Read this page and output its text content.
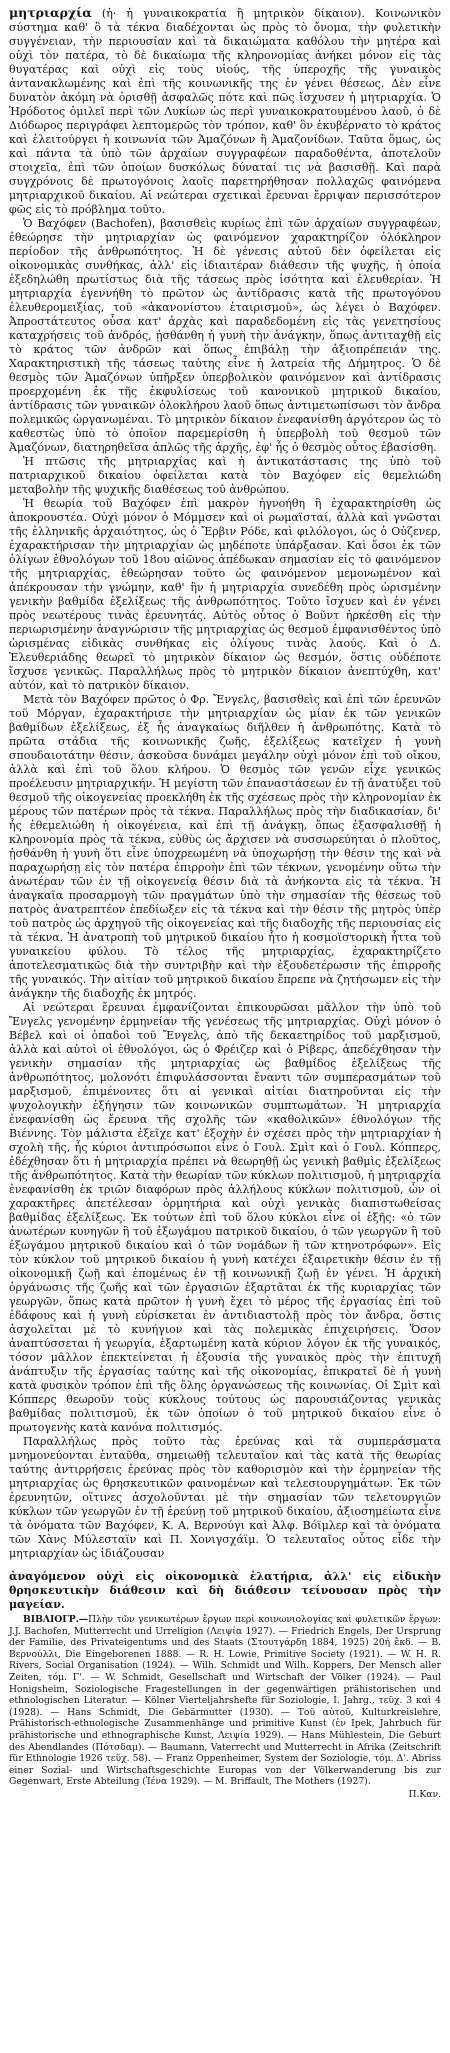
μητριαρχία (ἡ· ἡ γυναικοκρατία ἢ μητρικὸν δίκαιον). Κοινωνικὸν σύστημα καθ' ὃ τὰ τέκνα διαδέχονται ὡς πρὸς τὸ ὄνομα, τὴν φυλετικὴν συγγένειαν, τὴν περιουσίαν καὶ τὰ δικαιώματα καθόλου τὴν μητέρα καὶ οὐχὶ τὸν πατέρα, τὸ δὲ δικαίωμα τῆς κληρονομίας ἀνήκει μόνον εἰς τὰς θυγατέρας καὶ οὐχὶ εἰς τοὺς υἱούς, τῆς ὑπεροχῆς τῆς γυναικὸς ἀντανακλωμένης καὶ ἐπὶ τῆς κοινωνικῆς της ἐν γένει θέσεως. Δὲν εἶνε δυνατὸν ἀκόμη νὰ ὁρισθῇ ἀσφαλῶς πότε καὶ πῶς ἴσχυσεν ἡ μητριαρχία. Ὁ Ἡρόδοτος ὁμιλεῖ περὶ τῶν Λυκίων ὡς περὶ γυναικοκρατουμένου λαοῦ, ὁ δὲ Διόδωρος περιγράφει λεπτομερῶς τὸν τρόπον, καθ' ὃν ἐκυβέρνατο τὸ κράτος καὶ ἐλειτούργει ἡ κοινωνία τῶν Ἀμαζόνων ἢ Ἀμαζονίδων. Ταῦτα ὅμως, ὡς καὶ πάντα τὰ ὑπὸ τῶν ἀρχαίων συγγραφέων παραδοθέντα, ἀποτελοῦν στοιχεῖα, ἐπὶ τῶν ὁποίων δυσκόλως δύναταί τις νὰ βασισθῇ. Καὶ παρὰ συγχρόνοις δὲ πρωτογόνοις λαοῖς παρετηρήθησαν πολλαχῶς φαινόμενα μητριαρχικοῦ δικαίου. Αἱ νεώτεραι σχετικαὶ ἔρευναι ἔρριψαν περισσότερον φῶς εἰς τὸ πρόβλημα τοῦτο.

Ὁ Βαχόφεν (Bachofen), βασισθεὶς κυρίως ἐπὶ τῶν ἀρχαίων συγγραφέων, ἐθεώρησε τὴν μητριαρχίαν ὡς φαινόμενον χαρακτηρίζον ὁλόκληρον περίοδον τῆς ἀνθρωπότητος. Ἡ δὲ γένεσις αὐτοῦ δὲν ὀφείλεται εἰς οἰκονομικὰς συνθήκας, ἀλλ' εἰς ἰδιαιτέραν διάθεσιν τῆς ψυχῆς, ἡ ὁποία ἐξεδηλώθη πρωτίστως διὰ τῆς τάσεως πρὸς ἰσότητα καὶ ἐλευθερίαν. Ἡ μητριαρχία ἐγεννήθη τὸ πρῶτον ὡς ἀντίδρασις κατὰ τῆς πρωτογόνου ἐλευθερομειξίας, τοῦ «ἀκανονίστου ἑταιρισμοῦ», ὡς λέγει ὁ Βαχόφεν. Ἀπροστάτευτος οὖσα κατ' ἀρχὰς καὶ παραδεδομένη εἰς τὰς γενετησίους καταχρήσεις τοῦ ἀνδρός, ᾐσθάνθη ἡ γυνὴ τὴν ἀνάγκην, ὅπως ἀντιταχθῇ εἰς τὸ κράτος τῶν ἀνδρῶν καὶ ὅπως ἐπιβάλῃ τὴν ἀξιοπρέπειάν της. Χαρακτηριστικὴ τῆς τάσεως ταύτης εἶνε ἡ λατρεία τῆς Δήμητρος. Ὁ δὲ θεσμὸς τῶν Ἀμαζόνων ὑπῆρξεν ὑπερβολικὸν φαινόμενον καὶ ἀντίδρασις προερχομένη ἐκ τῆς ἐκφυλίσεως τοῦ κανονικοῦ μητρικοῦ δικαίου, ἀντίδρασις τῶν γυναικῶν ὁλοκλήρου λαοῦ ὅπως ἀντιμετωπίσωσι τὸν ἄνδρα πολεμικῶς ὡργανωμέναι. Τὸ μητρικὸν δίκαιον ἐνεφανίσθη ἀργότερον ὡς τὸ καθεστὼς ὑπὸ τὸ ὁποῖον παρεμερίσθη ἡ ὑπερβολὴ τοῦ θεσμοῦ τῶν Ἀμαζόνων, διατηρηθεῖσα ἁπλῶς τῆς ἀρχῆς, ἐφ' ἧς ὁ θεσμὸς οὗτος ἐβασίσθη.

Ἡ πτῶσις τῆς μητριαρχίας καὶ ἡ ἀντικατάστασις της ὑπὸ τοῦ πατριαρχικοῦ δικαίου ὀφείλεται κατὰ τὸν Βαχόφεν εἰς θεμελιώδη μεταβολὴν τῆς ψυχικῆς διαθέσεως τοῦ ἀνθρώπου.

Ἡ θεωρία τοῦ Βαχόφεν ἐπὶ μακρὸν ἠγνοήθη ἢ ἐχαρακτηρίσθη ὡς ἀποκρουστέα. Οὐχὶ μόνον ὁ Μόμμσεν καὶ οἱ ρωμαϊσταί, ἀλλὰ καὶ γνῶσται τῆς ἑλληνικῆς ἀρχαιότητος, ὡς ὁ Ἔρβιν Ρόδε, καὶ φιλόλογοι, ὡς ὁ Οὐζενερ, ἐχαρακτήρισαν τὴν μητριαρχίαν ὡς μηδέποτε ὑπάρξασαν. Καὶ ὅσοι ἐκ τῶν ὀλίγων ἐθνολόγων τοῦ 18ου αἰῶνος ἀπέδωκαν σημασίαν εἰς τὸ φαινόμενον τῆς μητριαρχίας, ἐθεώρησαν τοῦτο ὡς φαινόμενον μεμονωμένον καὶ ἀπέκρουσαν τὴν γνώμην, καθ' ἣν ἡ μητριαρχία συνεδέθη πρὸς ὡρισμένην γενικὴν βαθμίδα ἐξελίξεως τῆς ἀνθρωπότητος. Τοῦτο ἴσχυεν καὶ ἐν γένει πρὸς νεωτέρους τινὰς ἐρευνητάς. Αὐτὸς οὗτος ὁ Βοῦντ ἠρκέσθη εἰς τὴν περιωρισμένην ἀναγνώρισιν τῆς μητριαρχίας ὡς θεσμοῦ ἐμφανισθέντος ὑπὸ ὡρισμένας εἰδικὰς συνθήκας εἰς ὀλίγους τινὰς λαούς. Καὶ ὁ Δ. Ἐλευθεριάδης θεωρεῖ τὸ μητρικὸν δίκαιον ὡς θεσμόν, ὅστις οὐδέποτε ἴσχυσε γενικῶς. Παραλλήλως πρὸς τὸ μητρικὸν δίκαιον ἀνεπτύχθη, κατ' αὐτόν, καὶ τὸ πατρικὸν δίκαιον.

Μετὰ τὸν Βαχόφεν πρῶτος ὁ Φρ. Ἔνγελς, βασισθεὶς καὶ ἐπὶ τῶν ἐρευνῶν τοῦ Μόργαν, ἐχαρακτήρισε τὴν μητριαρχίαν ὡς μίαν ἐκ τῶν γενικῶν βαθμίδων ἐξελίξεως, ἐξ ἧς ἀναγκαίως διῆλθεν ἡ ἀνθρωπότης. Κατὰ τὸ πρῶτα στάδια τῆς κοινωνικῆς ζωῆς, ἐξελίξεως κατεῖχεν ἡ γυνὴ σπουδαιοτάτην θέσιν, ἀσκοῦσα δυνάμει μεγάλην οὐχὶ μόνον ἐπὶ τοῦ οἴκου, ἀλλὰ καὶ ἐπὶ τοῦ ὅλου κλήρου. Ὁ θεσμὸς τῶν γενῶν εἶχε γενικῶς προέλευσιν μητριαρχικήν. Ἡ μεγίστη τῶν ἐπαναστάσεων ἐν τῇ ἀνατύξει τοῦ θεσμοῦ τῆς οἰκογενείας προεκλήθη ἐκ τῆς σχέσεως πρὸς τὴν κληρονομίαν ἐκ μέρους τῶν πατέρων πρὸς τὰ τέκνα. Παραλλήλως πρὸς τὴν διαδικασίαν, δι' ἧς ἐθεμελιώθη ἡ οἰκογένεια, καὶ ἐπὶ τῇ ἀνάγκῃ, ὅπως ἐξασφαλισθῇ ἡ κληρονομία πρὸς τὰ τέκνα, εὐθὺς ὡς ἄρχισεν νὰ συσσωρεύηται ὁ πλοῦτος, ᾐσθάνθη ἡ γυνὴ ὅτι εἶνε ὑποχρεωμένη νὰ ὑποχωρήσῃ τὴν θέσιν της καὶ νὰ παραχωρήσῃ εἰς τὸν πατέρα ἐπιρροὴν ἐπὶ τῶν τέκνων, γενομένην οὕτω τὴν ἀνωτέραν τῶν ἐν τῇ οἰκογενείᾳ θέσιν διὰ τὰ ἀνήκοντα εἰς τὰ τέκνα. Ἡ ἀναγκαῖα προσαρμογὴ τῶν πραγμάτων ὑπὸ τὴν σημασίαν τῆς θέσεως τοῦ πατρὸς ἀνατρεπτέον ἐπεδίωξεν εἰς τὰ τέκνα καὶ τὴν θέσιν τῆς μητρὸς ὑπὲρ τοῦ πατρὸς ὡς ἀρχηγοῦ τῆς οἰκογενείας καὶ τῆς διαδοχῆς τῆς περιουσίας εἰς τὰ τέκνα. Ἡ ἀνατροπὴ τοῦ μητρικοῦ δικαίου ἦτο ἡ κοσμοϊστορικὴ ἧττα τοῦ γυναικείου φύλου. Τὸ τέλος τῆς μητριαρχίας, ἐχαρακτηρίζετο ἀποτελεσματικῶς διὰ τὴν συντριβὴν καὶ τὴν ἐξουδετέρωσιν τῆς ἐπιρροῆς τῆς γυναικός. Τὴν αἰτίαν τοῦ μητρικοῦ δικαίου ἔπρεπε νὰ ζητήσωμεν εἰς τὴν ἀνάγκην τῆς διαδοχῆς ἐκ μητρός.

Αἱ νεώτεραι ἔρευναι ἐμφανίζονται ἐπικουρῶσαι μᾶλλον τὴν ὑπὸ τοῦ Ἔνγελς γενομένην ἑρμηνείαν τῆς γενέσεως τῆς μητριαρχίας. Οὐχὶ μόνον ὁ Βέβελ καὶ οἱ ὀπαδοὶ τοῦ Ἔνγελς, ἀπὸ τῆς δεκαετηρίδος τοῦ μαρξισμοῦ, ἀλλὰ καὶ αὐτοὶ οἱ ἐθνολόγοι, ὡς ὁ Φρέιζερ καὶ ὁ Ρίβερς, ἀπεδέχθησαν τὴν γενικὴν σημασίαν τῆς μητριαρχίας ὡς βαθμίδος ἐξελίξεως τῆς ἀνθρωπότητος, μολονότι ἐπιφυλάσσονται ἔναντι τῶν συμπερασμάτων τοῦ μαρξισμοῦ, ἐπιμένοντες ὅτι αἱ γενικαὶ αἰτίαι διατηροῦνται εἰς τὴν ψυχολογικὴν ἐξήγησιν τῶν κοινωνικῶν συμπτωμάτων. Ἡ μητριαρχία ἐνεφανίσθη ὡς ἔρευνα τῆς σχολῆς τῶν «καθολικῶν» ἐθνολόγων τῆς Βιέννης. Τὸν μάλιστα ἐξεῖχε κατ' ἐξοχὴν ἐν σχέσει πρὸς τὴν μητριαρχίαν ἡ σχολὴ τῆς, ἧς κύριοι ἀντιπρόσωποι εἶνε ὁ Γουλ. Σμὶτ καὶ ὁ Γουλ. Κόππερς, ἐδέχθησαν ὅτι ἡ μητριαρχία πρέπει νὰ θεωρηθῇ ὡς γενικὴ βαθμὶς ἐξελίξεως τῆς ἀνθρωπότητος. Κατὰ τὴν θεωρίαν τῶν κύκλων πολιτισμοῦ, ἡ μητριαρχία ἐνεφανίσθη ἐκ τριῶν διαφόρων πρὸς ἀλλήλους κύκλων πολιτισμοῦ, ὧν οἱ χαρακτῆρες ἀπετέλεσαν ὁρμητήρια καὶ οὐχὶ γενικὰς διαπιστωθείσας βαθμίδας ἐξελίξεως. Ἐκ τούτων ἐπὶ τοῦ ὅλου κύκλοι εἶνε οἱ ἑξῆς: «ὁ τῶν ἀνωτέρων κυνηγῶν ἢ τοῦ ἐξωγάμου πατρικοῦ δικαίου, ὁ τῶν γεωργῶν ἢ τοῦ ἐξωγάμου μητρικοῦ δικαίου καὶ ὁ τῶν νομάδων ἢ τῶν κτηνοτρόφων». Εἰς τὸν κύκλον τοῦ μητρικοῦ δικαίου ἡ γυνὴ κατέχει ἐξαιρετικὴν θέσιν ἐν τῇ οἰκονομικῇ ζωῇ καὶ ἐπομένως ἐν τῇ κοινωνικῇ ζωῇ ἐν γένει. Ἡ ἀρχικὴ ὀργάνωσις τῆς ζωῆς καὶ τῶν ἐργασιῶν ἐξαρτᾶται ἐκ τῆς κυριαρχίας τῶν γεωργῶν, ὅπως κατὰ πρῶτον ἡ γυνὴ ἔχει τὸ μέρος τῆς ἐργασίας ἐπὶ τοῦ ἐδάφους καὶ ἡ γυνὴ εὑρίσκεται ἐν ἀντιδιαστολῇ πρὸς τὸν ἄνδρα, ὅστις ἀσχολεῖται μὲ τὸ κυνήγιον καὶ τὰς πολεμικὰς ἐπιχειρήσεις. Ὅσον ἀναπτύσσεται ἡ γεωργία, ἐξαρτωμένη κατὰ κύριον λόγον ἐκ τῆς γυναικός, τόσον μᾶλλον ἐπεκτείνεται ἡ ἐξουσία τῆς γυναικὸς πρὸς τὴν ἐπιτυχῆ ἀνάπτυξιν τῆς ἐργασίας ταύτης καὶ τῆς οἰκονομίας, ἐπικρατεῖ δὲ ἡ γυνὴ κατὰ φυσικὸν τρόπον ἐπὶ τῆς ὅλης ὀργανώσεως τῆς κοινωνίας. Οἱ Σμὶτ καὶ Κόππερς θεωροῦν τοὺς κύκλους τούτους ὡς παρουσιάζοντας γενικὰς βαθμίδας πολιτισμοῦ, ἐκ τῶν ὁποίων ὁ τοῦ μητρικοῦ δικαίου εἶνε ὁ πρωτογενὴς κατὰ κανόνα πολιτισμός.

Παραλλήλως πρὸς τοῦτο τὰς ἐρεύνας καὶ τὰ συμπεράσματα μνημονεύονται ἐνταῦθα, σημειωθῇ τελευταῖον καὶ τὰς κατὰ τῆς θεωρίας ταύτης ἀντιρρήσεις ἐρεύνας πρὸς τὸν καθορισμὸν καὶ τὴν ἑρμηνείαν τῆς μητριαρχίας ὡς θρησκευτικῶν φαινομένων καὶ τελεσιουργημάτων. Ἐκ τῶν ἐρευνητῶν, οἵτινες ἀσχολοῦνται μὲ τὴν σημασίαν τῶν τελετουργιῶν κύκλων τῶν γεωργῶν ἐν τῇ ἐρεύνῃ τοῦ μητρικοῦ δικαίου, ἀξιοσημείωτα εἶνε τὰ ὀνόματα τῶν Βαχόφεν, Κ. Α. Βερνούγι καὶ Ἀλφ. Βόϊμλερ καὶ τὰ ὀνόματα τῶν Χὰνς Μύλεσταϊν καὶ Π. Χονιγσχάϊμ. Ὁ τελευταῖος οὗτος εἶδε τὴν μητριαρχίαν ὡς ἰδιάζουσαν

ἀναγόμενον οὐχὶ εἰς οἰκονομικὰ ἐλατήρια, ἀλλ' εἰς εἰδικὴν θρησκευτικὴν διάθεσιν καὶ δὴ διάθεσιν τείνουσαν πρὸς τὴν μαγείαν.

ΒΙΒΛΙΟΓΡ.—Πλὴν τῶν γενικωτέρων ἔργων περὶ κοινωνιολογίας καὶ φυλετικῶν ἔργων: J.J. Bachofen, Mutterrecht und Urreligion (Λειψία 1927). — Friedrich Engels, Der Ursprung der Familie, des Privateigentums und des Staats (Στουτγάρδη 1884, 1925) 20ή ἔκδ. — Β. Βερνούλλι, Die Eingeborenen 1888. — R. H. Lowie, Primitive Society (1921). — W. H. R. Rivers, Social Organisation (1924). — Wilh. Schmidt und Wilh. Koppers, Der Mensch aller Zeiten, τόμ. Γ'. — W. Schmidt, Gesellschaft und Wirtschaft der Völker (1924). — Paul Honigsheim, Soziologische Fragestellungen in der gegenwärtigen prähistorischen und ethnologischen Literatur. — Kölner Vierteljahrshefte für Soziologie, I. Jahrg., τεῦχ. 3 καὶ 4 (1928). — Hans Schmidt, Die Gebärmutter (1930). — Τοῦ αὐτοῦ, Kulturkreislehre, Prähistorisch-ethnologische Zusammenhänge und primitive Kunst (ἐν Ipek, Jahrbuch für prähistorische und ethnographische Kunst, Λειψία 1929). — Hans Mühlestein, Die Geburt des Abendlandes (Πότσδαμ). — Baumann, Vaterrecht und Mutterrecht in Afrika (Zeitschrift für Ethnologie 1926 τεῦχ. 58). — Franz Oppenheimer, System der Soziologie, τόμ. Δ'. Abriss einer Sozial- und Wirtschaftsgeschichte Europas von der Völkerwanderung bis zur Gegenwart, Erste Abteilung (Ἰένα 1929). — M. Briffault, The Mothers (1927).
Π.Καν.
